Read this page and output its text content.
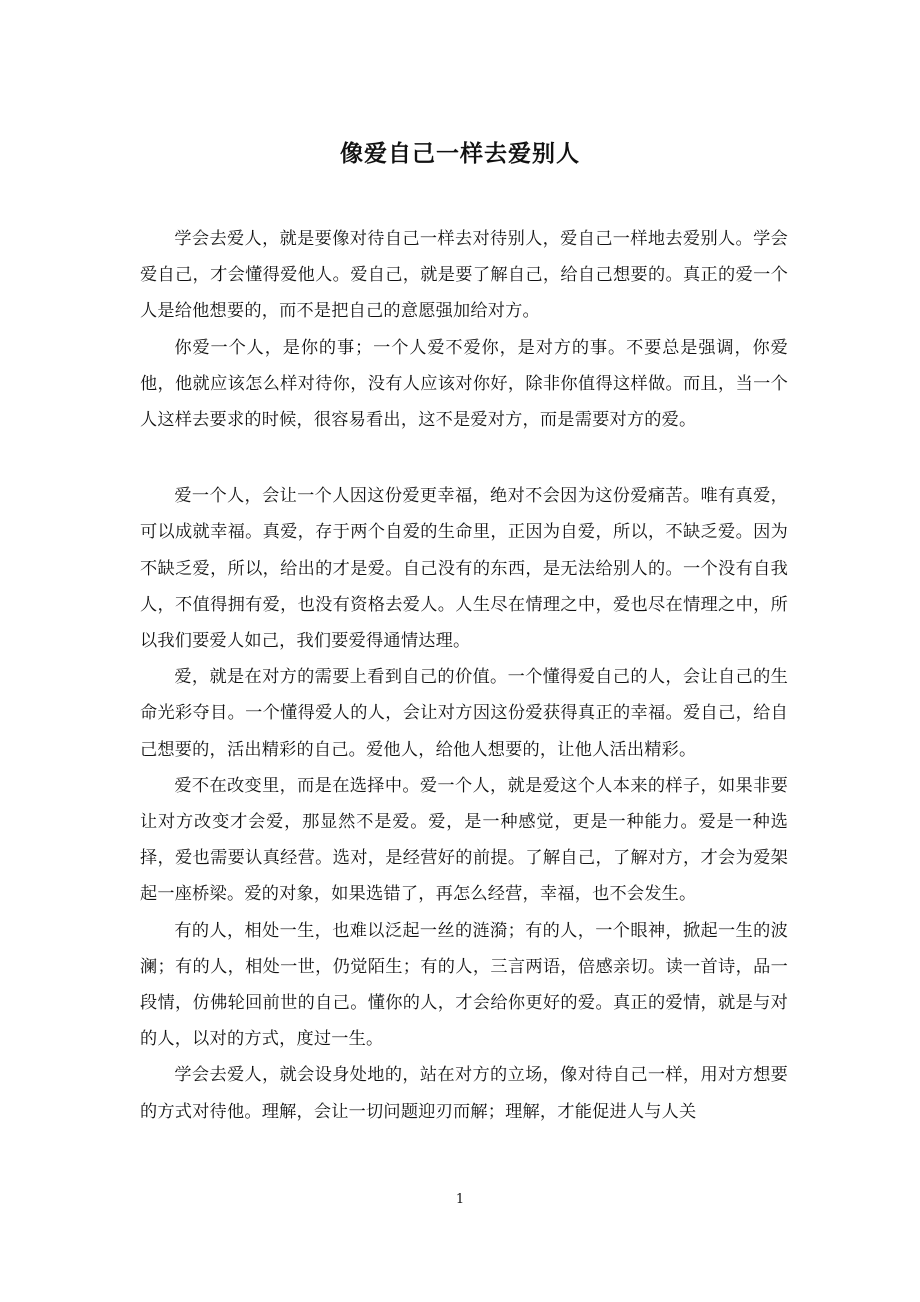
像爱自己一样去爱别人

学会去爱人，就是要像对待自己一样去对待别人，爱自己一样地去爱别人。学会爱自己，才会懂得爱他人。爱自己，就是要了解自己，给自己想要的。真正的爱一个人是给他想要的，而不是把自己的意愿强加给对方。

你爱一个人，是你的事；一个人爱不爱你，是对方的事。不要总是强调，你爱他，他就应该怎么样对待你，没有人应该对你好，除非你值得这样做。而且，当一个人这样去要求的时候，很容易看出，这不是爱对方，而是需要对方的爱。

爱一个人，会让一个人因这份爱更幸福，绝对不会因为这份爱痛苦。唯有真爱，可以成就幸福。真爱，存于两个自爱的生命里，正因为自爱，所以，不缺乏爱。因为不缺乏爱，所以，给出的才是爱。自己没有的东西，是无法给别人的。一个没有自我人，不值得拥有爱，也没有资格去爱人。人生尽在情理之中，爱也尽在情理之中，所以我们要爱人如己，我们要爱得通情达理。

爱，就是在对方的需要上看到自己的价值。一个懂得爱自己的人，会让自己的生命光彩夺目。一个懂得爱人的人，会让对方因这份爱获得真正的幸福。爱自己，给自己想要的，活出精彩的自己。爱他人，给他人想要的，让他人活出精彩。

爱不在改变里，而是在选择中。爱一个人，就是爱这个人本来的样子，如果非要让对方改变才会爱，那显然不是爱。爱，是一种感觉，更是一种能力。爱是一种选择，爱也需要认真经营。选对，是经营好的前提。了解自己，了解对方，才会为爱架起一座桥梁。爱的对象，如果选错了，再怎么经营，幸福，也不会发生。

有的人，相处一生，也难以泛起一丝的涟漪；有的人，一个眼神，掀起一生的波澜；有的人，相处一世，仍觉陌生；有的人，三言两语，倍感亲切。读一首诗，品一段情，仿佛轮回前世的自己。懂你的人，才会给你更好的爱。真正的爱情，就是与对的人，以对的方式，度过一生。

学会去爱人，就会设身处地的，站在对方的立场，像对待自己一样，用对方想要的方式对待他。理解，会让一切问题迎刃而解；理解，才能促进人与人关

1
